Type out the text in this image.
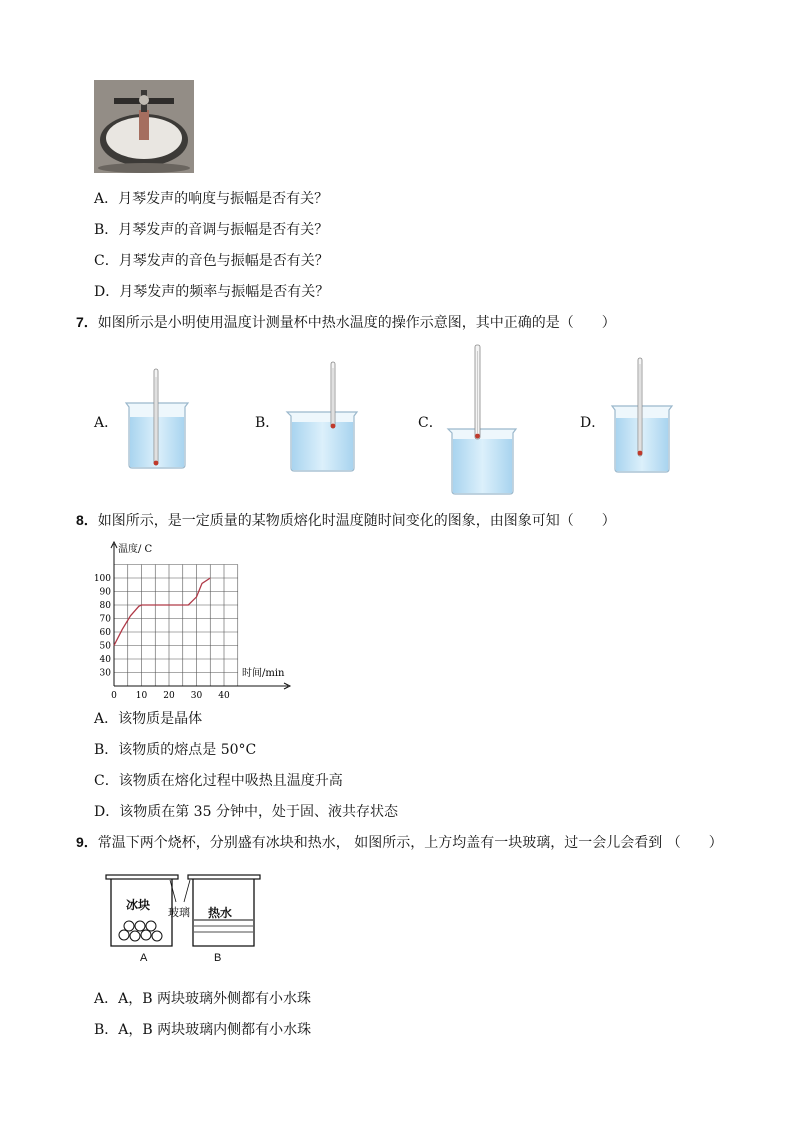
A．月琴发声的响度与振幅是否有关？
B．月琴发声的音调与振幅是否有关？
C．月琴发声的音色与振幅是否有关？
D．月琴发声的频率与振幅是否有关？
7．如图所示是小明使用温度计测量杯中热水温度的操作示意图，其中正确的是（　　）
A．	B．	C．	D．
8．如图所示，是一定质量的某物质熔化时温度随时间变化的图象，由图象可知（　　）
30
40
50
60
70
80
90
100
0 10 20 30 40
温度/ C
时间/min
A．该物质是晶体
B．该物质的熔点是 50°C
C．该物质在熔化过程中吸热且温度升高
D．该物质在第 35 分钟中，处于固、液共存状态
9．常温下两个烧杯，分别盛有冰块和热水， 如图所示，上方均盖有一块玻璃，过一会儿会看到 （　　）
冰块
玻璃 热水
A	B
A．A，B 两块玻璃外侧都有小水珠
B．A，B 两块玻璃内侧都有小水珠
